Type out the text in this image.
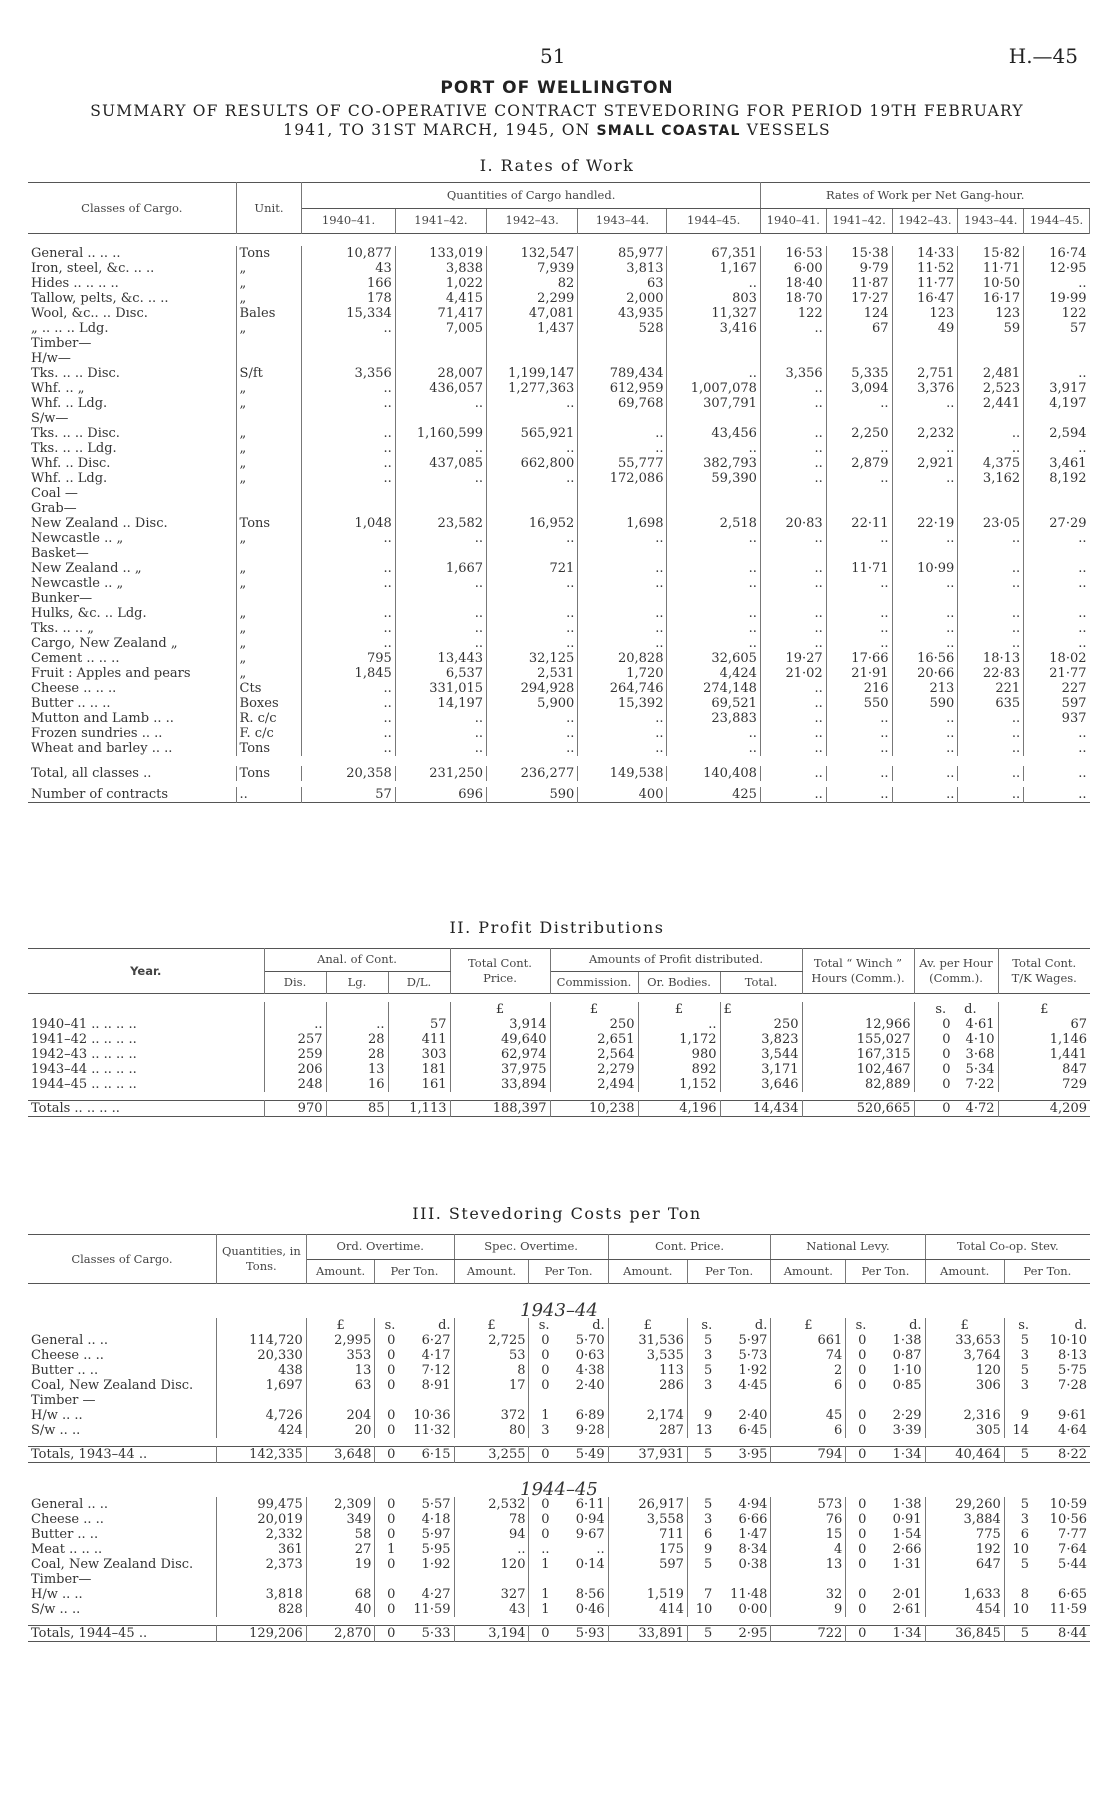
51	H.—45
PORT OF WELLINGTON
SUMMARY OF RESULTS OF CO-OPERATIVE CONTRACT STEVEDORING FOR PERIOD 19TH FEBRUARY
1941, TO 31ST MARCH, 1945, ON SMALL COASTAL VESSELS
I. Rates of Work
Classes of Cargo.	Unit.	Quantities of Cargo handled.					Rates of Work per Net Gang-hour.				
		1940–41.	1941–42.	1942–43.	1943–44.	1944–45.	1940–41.	1941–42.	1942–43.	1943–44.	1944–45.

General .. .. ..	Tons	10,877	133,019	132,547	85,977	67,351	16·53	15·38	14·33	15·82	16·74
Iron, steel, &c. .. ..	„	43	3,838	7,939	3,813	1,167	6·00	9·79	11·52	11·71	12·95
Hides .. .. .. ..	„	166	1,022	82	63	..	18·40	11·87	11·77	10·50	..
Tallow, pelts, &c. .. ..	„	178	4,415	2,299	2,000	803	18·70	17·27	16·47	16·17	19·99
Wool, &c.. .. Dısc.	Bales	15,334	71,417	47,081	43,935	11,327	122	124	123	123	122
„ .. .. .. Ldg.	„	..	7,005	1,437	528	3,416	..	67	49	59	57
Timber—											
H/w—											
Tks. .. .. Disc.	S/ft	3,356	28,007	1,199,147	789,434	..	3,356	5,335	2,751	2,481	..
Whf. .. „	„	..	436,057	1,277,363	612,959	1,007,078	..	3,094	3,376	2,523	3,917
Whf. .. Ldg.	„	..	..	..	69,768	307,791	..	..	..	2,441	4,197
S/w—											
Tks. .. .. Disc.	„	..	1,160,599	565,921	..	43,456	..	2,250	2,232	..	2,594
Tks. .. .. Ldg.	„	..	..	..	..	..	..	..	..	..	..
Whf. .. Disc.	„	..	437,085	662,800	55,777	382,793	..	2,879	2,921	4,375	3,461
Whf. .. Ldg.	„	..	..	..	172,086	59,390	..	..	..	3,162	8,192
Coal —											
Grab—											
New Zealand .. Disc.	Tons	1,048	23,582	16,952	1,698	2,518	20·83	22·11	22·19	23·05	27·29
Newcastle .. „	„	..	..	..	..	..	..	..	..	..	..
Basket—											
New Zealand .. „	„	..	1,667	721	..	..	..	11·71	10·99	..	..
Newcastle .. „	„	..	..	..	..	..	..	..	..	..	..
Bunker—											
Hulks, &c. .. Ldg.	„	..	..	..	..	..	..	..	..	..	..
Tks. .. .. „	„	..	..	..	..	..	..	..	..	..	..
Cargo, New Zealand „	„	..	..	..	..	..	..	..	..	..	..
Cement .. .. ..	„	795	13,443	32,125	20,828	32,605	19·27	17·66	16·56	18·13	18·02
Fruit : Apples and pears	„	1,845	6,537	2,531	1,720	4,424	21·02	21·91	20·66	22·83	21·77
Cheese .. .. ..	Cts	..	331,015	294,928	264,746	274,148	..	216	213	221	227
Butter .. .. ..	Boxes	..	14,197	5,900	15,392	69,521	..	550	590	635	597
Mutton and Lamb .. ..	R. c/c	..	..	..	..	23,883	..	..	..	..	937
Frozen sundries .. ..	F. c/c	..	..	..	..	..	..	..	..	..	..
Wheat and barley .. ..	Tons	..	..	..	..	..	..	..	..	..	..

Total, all classes ..	Tons	20,358	231,250	236,277	149,538	140,408	..	..	..	..	..

Number of contracts	..	57	696	590	400	425	..	..	..	..	..
II. Profit Distributions
Year.	Anal. of Cont.			Total Cont. Price.	Amounts of Profit distributed.			Total “ Winch ” Hours (Comm.).	Av. per Hour (Comm.).	Total Cont. T/K Wages.
	Dis.	Lg.	D/L.		Commission.	Or. Bodies.	Total.			

				£	£	£	£		s. d.	£
1940–41 .. .. .. ..	..	..	57	3,914	250	..	250	12,966	0 4·61	67
1941–42 .. .. .. ..	257	28	411	49,640	2,651	1,172	3,823	155,027	0 4·10	1,146
1942–43 .. .. .. ..	259	28	303	62,974	2,564	980	3,544	167,315	0 3·68	1,441
1943–44 .. .. .. ..	206	13	181	37,975	2,279	892	3,171	102,467	0 5·34	847
1944–45 .. .. .. ..	248	16	161	33,894	2,494	1,152	3,646	82,889	0 7·22	729

Totals .. .. .. ..	970	85	1,113	188,397	10,238	4,196	14,434	520,665	0 4·72	4,209
III. Stevedoring Costs per Ton
Classes of Cargo.	Quantities, in Tons.	Ord. Overtime.			Spec. Overtime.			Cont. Price.			National Levy.			Total Co-op. Stev.		
		Amount.	Per Ton.		Amount.	Per Ton.		Amount.	Per Ton.		Amount.	Per Ton.		Amount.	Per Ton.	
1943–44																
		£	s.	d.	£	s.	d.	£	s.	d.	£	s.	d.	£	s.	d.
General .. ..	114,720	2,995	0	6·27	2,725	0	5·70	31,536	5	5·97	661	0	1·38	33,653	5	10·10
Cheese .. ..	20,330	353	0	4·17	53	0	0·63	3,535	3	5·73	74	0	0·87	3,764	3	8·13
Butter .. ..	438	13	0	7·12	8	0	4·38	113	5	1·92	2	0	1·10	120	5	5·75
Coal, New Zealand Disc.	1,697	63	0	8·91	17	0	2·40	286	3	4·45	6	0	0·85	306	3	7·28
Timber —																
H/w .. ..	4,726	204	0	10·36	372	1	6·89	2,174	9	2·40	45	0	2·29	2,316	9	9·61
S/w .. ..	424	20	0	11·32	80	3	9·28	287	13	6·45	6	0	3·39	305	14	4·64

Totals, 1943–44 ..	142,335	3,648	0	6·15	3,255	0	5·49	37,931	5	3·95	794	0	1·34	40,464	5	8·22
1944–45																
General .. ..	99,475	2,309	0	5·57	2,532	0	6·11	26,917	5	4·94	573	0	1·38	29,260	5	10·59
Cheese .. ..	20,019	349	0	4·18	78	0	0·94	3,558	3	6·66	76	0	0·91	3,884	3	10·56
Butter .. ..	2,332	58	0	5·97	94	0	9·67	711	6	1·47	15	0	1·54	775	6	7·77
Meat .. .. ..	361	27	1	5·95	..	..	..	175	9	8·34	4	0	2·66	192	10	7·64
Coal, New Zealand Disc.	2,373	19	0	1·92	120	1	0·14	597	5	0·38	13	0	1·31	647	5	5·44
Timber—																
H/w .. ..	3,818	68	0	4·27	327	1	8·56	1,519	7	11·48	32	0	2·01	1,633	8	6·65
S/w .. ..	828	40	0	11·59	43	1	0·46	414	10	0·00	9	0	2·61	454	10	11·59

Totals, 1944–45 ..	129,206	2,870	0	5·33	3,194	0	5·93	33,891	5	2·95	722	0	1·34	36,845	5	8·44
